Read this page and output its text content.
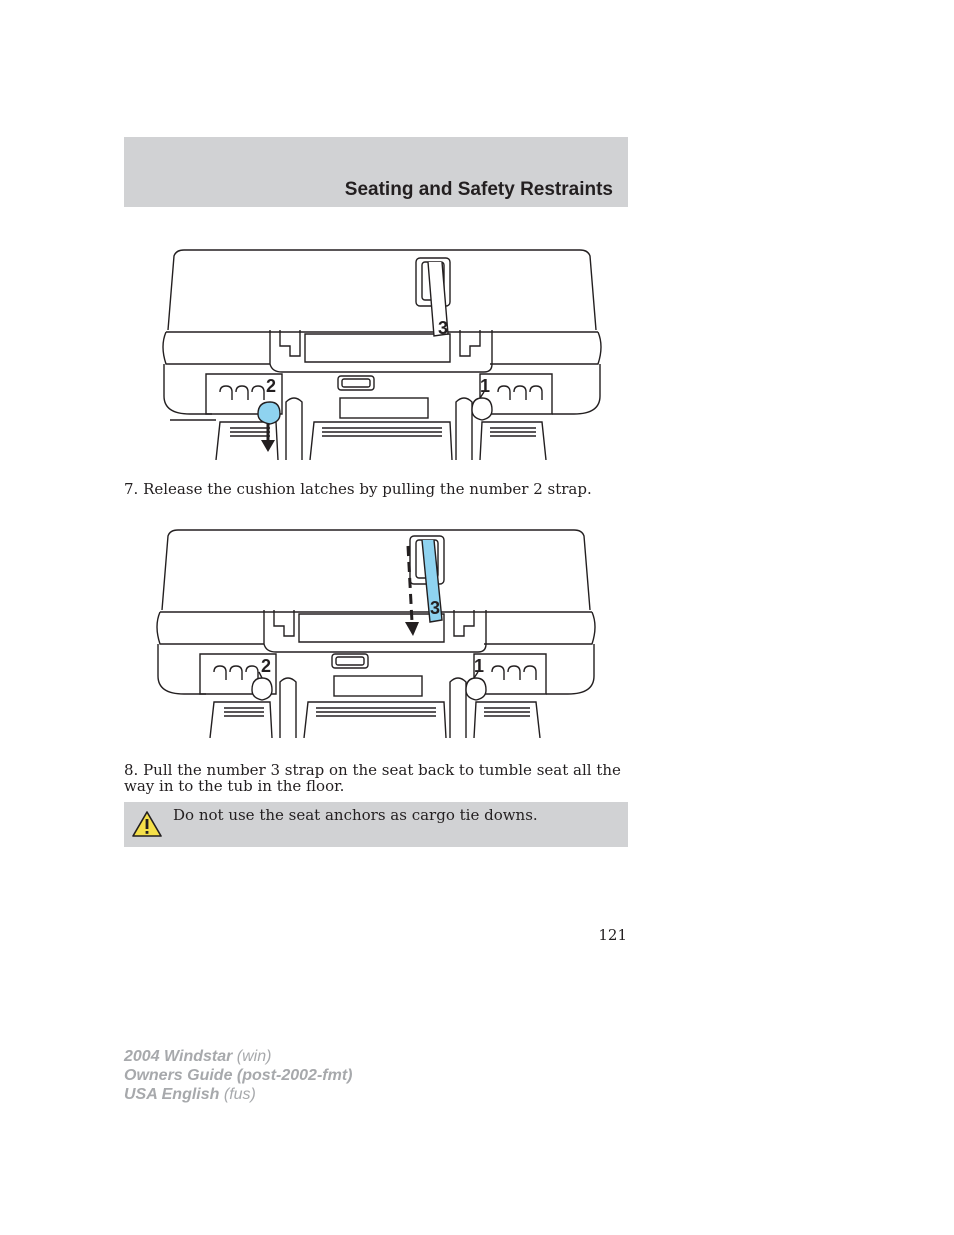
Seating and Safety Restraints
3
2	1
7. Release the cushion latches by pulling the number 2 strap.
3
2	1
8. Pull the number 3 strap on the seat back to tumble seat all the way in to the tub in the floor.
Do not use the seat anchors as cargo tie downs.
121
2004 Windstar (win)
Owners Guide (post-2002-fmt)
USA English (fus)
